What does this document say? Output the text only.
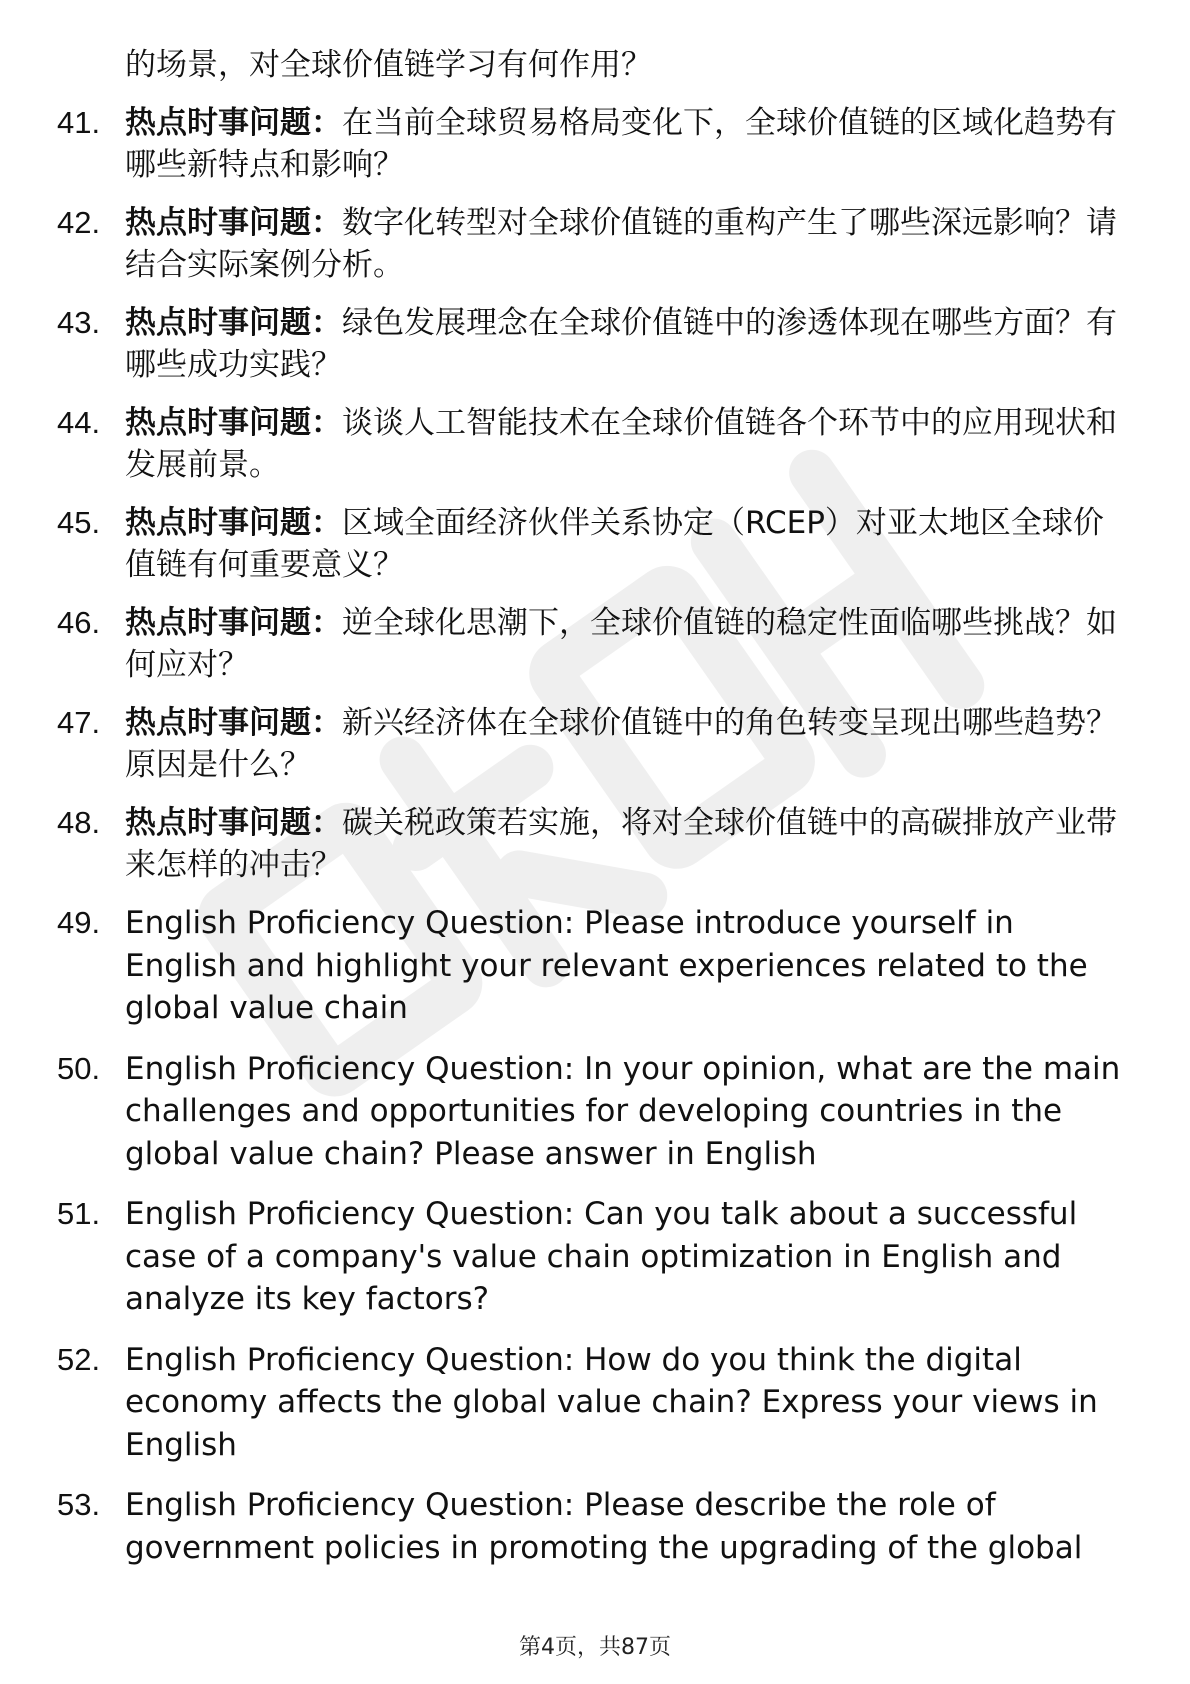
的场景，对全球价值链学习有何作用？
41. 热点时事问题：在当前全球贸易格局变化下，全球价值链的区域化趋势有哪些新特点和影响？
42. 热点时事问题：数字化转型对全球价值链的重构产生了哪些深远影响？请结合实际案例分析。
43. 热点时事问题：绿色发展理念在全球价值链中的渗透体现在哪些方面？有哪些成功实践？
44. 热点时事问题：谈谈人工智能技术在全球价值链各个环节中的应用现状和发展前景。
45. 热点时事问题：区域全面经济伙伴关系协定（RCEP）对亚太地区全球价值链有何重要意义？
46. 热点时事问题：逆全球化思潮下，全球价值链的稳定性面临哪些挑战？如何应对？
47. 热点时事问题：新兴经济体在全球价值链中的角色转变呈现出哪些趋势？原因是什么？
48. 热点时事问题：碳关税政策若实施，将对全球价值链中的高碳排放产业带来怎样的冲击？
49. English Proficiency Question: Please introduce yourself in English and highlight your relevant experiences related to the global value chain
50. English Proficiency Question: In your opinion, what are the main challenges and opportunities for developing countries in the global value chain? Please answer in English
51. English Proficiency Question: Can you talk about a successful case of a company's value chain optimization in English and analyze its key factors?
52. English Proficiency Question: How do you think the digital economy affects the global value chain? Express your views in English
53. English Proficiency Question: Please describe the role of government policies in promoting the upgrading of the global
第4页，共87页
